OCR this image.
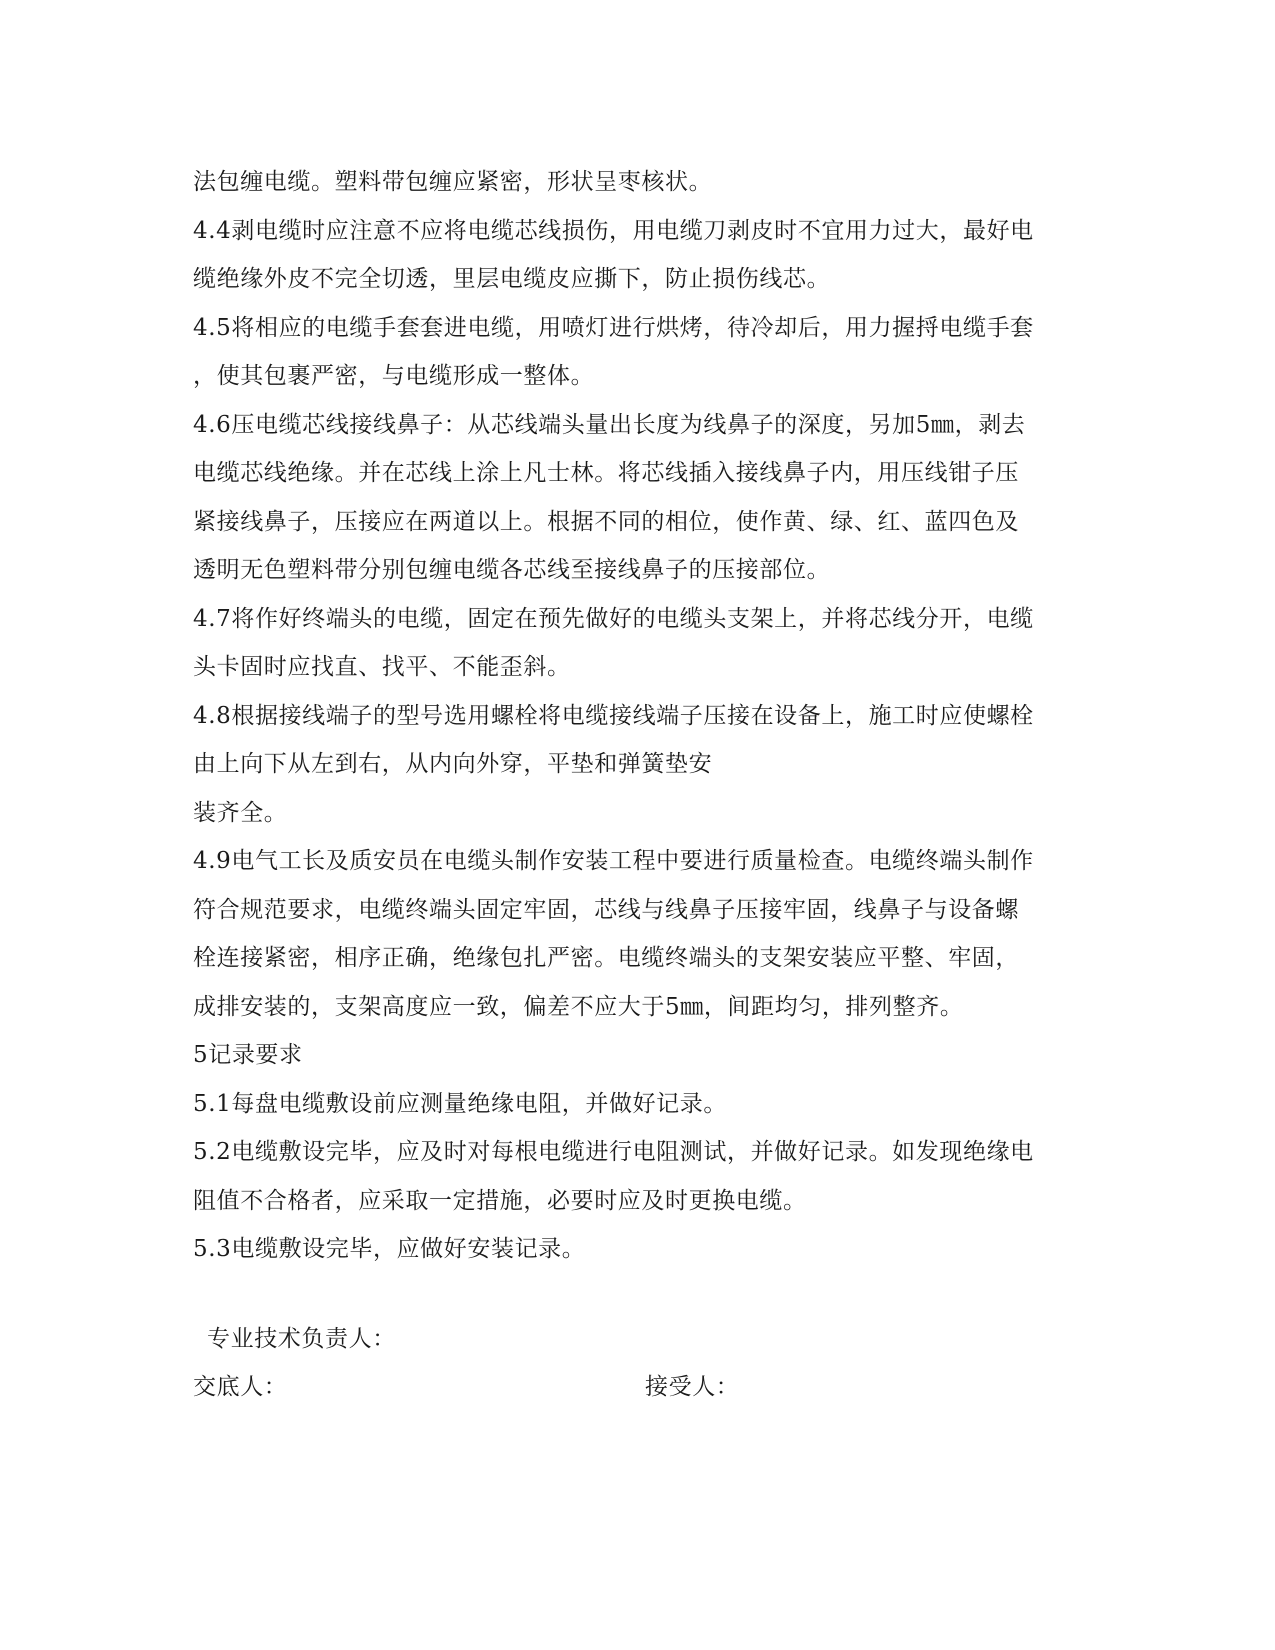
法包缠电缆。塑料带包缠应紧密，形状呈枣核状。
4.4剥电缆时应注意不应将电缆芯线损伤，用电缆刀剥皮时不宜用力过大，最好电
缆绝缘外皮不完全切透，里层电缆皮应撕下，防止损伤线芯。
4.5将相应的电缆手套套进电缆，用喷灯进行烘烤，待冷却后，用力握捋电缆手套
，使其包裹严密，与电缆形成一整体。
4.6压电缆芯线接线鼻子：从芯线端头量出长度为线鼻子的深度，另加5㎜，剥去
电缆芯线绝缘。并在芯线上涂上凡士林。将芯线插入接线鼻子内，用压线钳子压
紧接线鼻子，压接应在两道以上。根据不同的相位，使作黄、绿、红、蓝四色及
透明无色塑料带分别包缠电缆各芯线至接线鼻子的压接部位。
4.7将作好终端头的电缆，固定在预先做好的电缆头支架上，并将芯线分开，电缆
头卡固时应找直、找平、不能歪斜。
4.8根据接线端子的型号选用螺栓将电缆接线端子压接在设备上，施工时应使螺栓
由上向下从左到右，从内向外穿，平垫和弹簧垫安
装齐全。
4.9电气工长及质安员在电缆头制作安装工程中要进行质量检查。电缆终端头制作
符合规范要求，电缆终端头固定牢固，芯线与线鼻子压接牢固，线鼻子与设备螺
栓连接紧密，相序正确，绝缘包扎严密。电缆终端头的支架安装应平整、牢固，
成排安装的，支架高度应一致，偏差不应大于5㎜，间距均匀，排列整齐。
5记录要求
5.1每盘电缆敷设前应测量绝缘电阻，并做好记录。
5.2电缆敷设完毕，应及时对每根电缆进行电阻测试，并做好记录。如发现绝缘电
阻值不合格者，应采取一定措施，必要时应及时更换电缆。
5.3电缆敷设完毕，应做好安装记录。
专业技术负责人：
交底人：	接受人：
